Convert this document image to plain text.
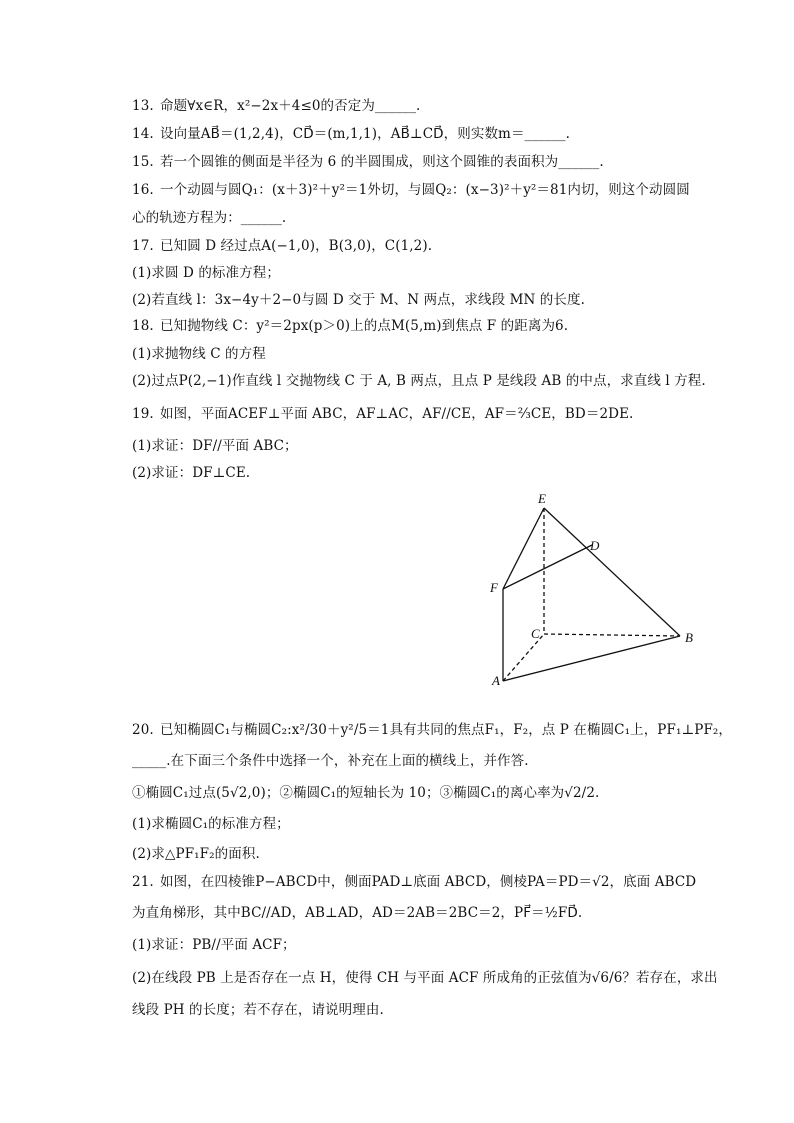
13. 命题∀x∈R，x²−2x＋4≤0的否定为______.
14. 设向量AB⃗＝(1,2,4)，CD⃗＝(m,1,1)，AB⃗⊥CD⃗，则实数m＝______.
15. 若一个圆锥的侧面是半径为 6 的半圆围成，则这个圆锥的表面积为______.
16. 一个动圆与圆Q₁：(x＋3)²＋y²＝1外切，与圆Q₂：(x−3)²＋y²＝81内切，则这个动圆圆
心的轨迹方程为：______.
17. 已知圆 D 经过点A(−1,0)，B(3,0)，C(1,2).
(1)求圆 D 的标准方程；
(2)若直线 l：3x−4y＋2−0与圆 D 交于 M、N 两点，求线段 MN 的长度.
18. 已知抛物线 C：y²＝2px(p＞0)上的点M(5,m)到焦点 F 的距离为6.
(1)求抛物线 C 的方程
(2)过点P(2,−1)作直线 l 交抛物线 C 于 A, B 两点，且点 P 是线段 AB 的中点，求直线 l 方程.
19. 如图，平面ACEF⊥平面 ABC，AF⊥AC，AF//CE，AF＝⅔CE，BD＝2DE.
(1)求证：DF//平面 ABC；
(2)求证：DF⊥CE.
E
D
F
C	B
A
20. 已知椭圆C₁与椭圆C₂:x²/30＋y²/5＝1具有共同的焦点F₁，F₂，点 P 在椭圆C₁上，PF₁⊥PF₂，
_____.在下面三个条件中选择一个，补充在上面的横线上，并作答.
①椭圆C₁过点(5√2,0)；②椭圆C₁的短轴长为 10；③椭圆C₁的离心率为√2/2.
(1)求椭圆C₁的标准方程；
(2)求△PF₁F₂的面积.
21. 如图，在四棱锥P−ABCD中，侧面PAD⊥底面 ABCD，侧棱PA＝PD＝√2，底面 ABCD
为直角梯形，其中BC//AD，AB⊥AD，AD＝2AB＝2BC＝2，PF⃗＝½FD⃗.
(1)求证：PB//平面 ACF；
(2)在线段 PB 上是否存在一点 H，使得 CH 与平面 ACF 所成角的正弦值为√6/6？若存在，求出
线段 PH 的长度；若不存在，请说明理由.
